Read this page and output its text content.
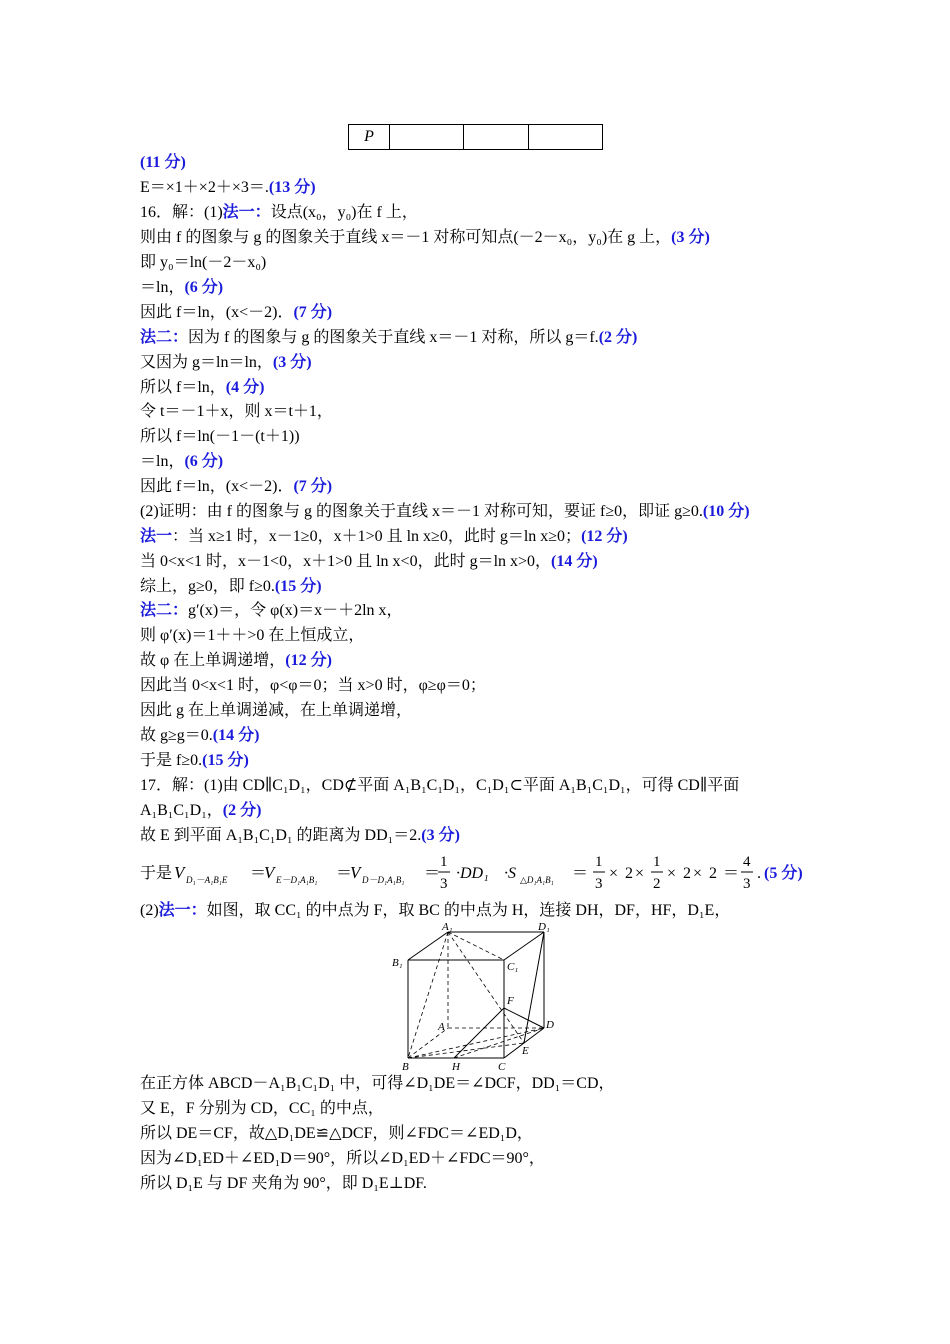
P			
(11 分)
E＝×1＋×2＋×3＝.(13 分)
16．解：(1)法一：设点(x₀，y₀)在 f 上，
则由 f 的图象与 g 的图象关于直线 x＝－1 对称可知点(－2－x₀，y₀)在 g 上，(3 分)
即 y₀＝ln(－2－x₀)
＝ln，(6 分)
因此 f＝ln，(x<－2)．(7 分)
法二：因为 f 的图象与 g 的图象关于直线 x＝－1 对称，所以 g＝f.(2 分)
又因为 g＝ln＝ln，(3 分)
所以 f＝ln，(4 分)
令 t＝－1＋x，则 x＝t＋1，
所以 f＝ln(－1－(t＋1))
＝ln，(6 分)
因此 f＝ln，(x<－2)．(7 分)
(2)证明：由 f 的图象与 g 的图象关于直线 x＝－1 对称可知，要证 f≥0，即证 g≥0.(10 分)
法一：当 x≥1 时，x－1≥0，x＋1>0 且 ln x≥0，此时 g＝ln x≥0；(12 分)
当 0<x<1 时，x－1<0，x＋1>0 且 ln x<0，此时 g＝ln x>0，(14 分)
综上，g≥0，即 f≥0.(15 分)
法二：g′(x)＝，令 φ(x)＝x－＋2ln x，
则 φ′(x)＝1＋＋>0 在上恒成立，
故 φ 在上单调递增，(12 分)
因此当 0<x<1 时，φ<φ＝0；当 x>0 时，φ≥φ＝0；
因此 g 在上单调递减，在上单调递增，
故 g≥g＝0.(14 分)
于是 f≥0.(15 分)
17．解：(1)由 CD∥C₁D₁，CD⊄平面 A₁B₁C₁D₁，C₁D₁⊂平面 A₁B₁C₁D₁，可得 CD∥平面
A₁B₁C₁D₁，(2 分)
故 E 到平面 A₁B₁C₁D₁ 的距离为 DD₁＝2.(3 分)
(2)法一：如图，取 CC₁ 的中点为 F，取 BC 的中点为 H，连接 DH，DF，HF，D₁E，
在正方体 ABCD－A₁B₁C₁D₁ 中，可得∠D₁DE＝∠DCF，DD₁＝CD，
又 E，F 分别为 CD，CC₁ 的中点，
所以 DE＝CF，故△D₁DE≌△DCF，则∠FDC＝∠ED₁D，
因为∠D₁ED＋∠ED₁D＝90°，所以∠D₁ED＋∠FDC＝90°，
所以 D₁E 与 DF 夹角为 90°，即 D₁E⊥DF.
于是 V D₁－A₁B₁E ＝
V E－D₁A₁B₁ ＝
V D－D₁A₁B₁ ＝
1
3
·DD₁ ·S △D₁A₁B₁ ＝
1
3
× 2 ×
1
2
× 2 × 2 ＝
4
3
. (5 分)
A₁	D₁
B₁	C₁
F
A	D
E
B	H	C
